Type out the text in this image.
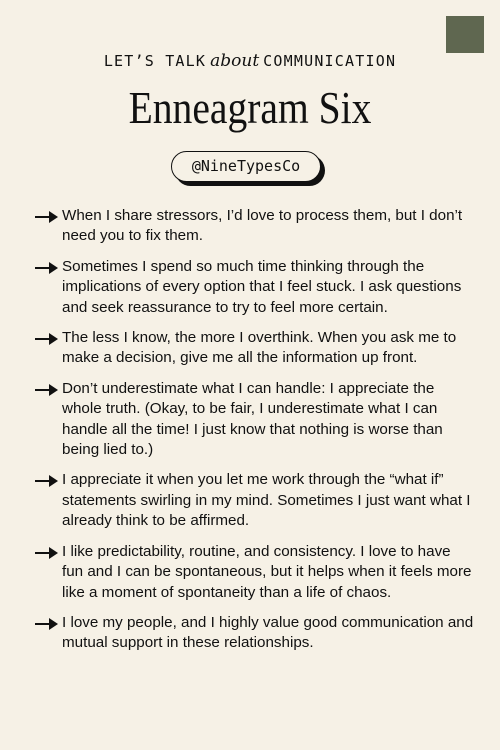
LET’S TALK about COMMUNICATION
Enneagram Six
@NineTypesCo
When I share stressors, I’d love to process them, but I don’t need you to fix them.
Sometimes I spend so much time thinking through the implications of every option that I feel stuck. I ask questions and seek reassurance to try to feel more certain.
The less I know, the more I overthink. When you ask me to make a decision, give me all the information up front.
Don’t underestimate what I can handle: I appreciate the whole truth. (Okay, to be fair, I underestimate what I can handle all the time! I just know that nothing is worse than being lied to.)
I appreciate it when you let me work through the “what if” statements swirling in my mind. Sometimes I just want what I already think to be affirmed.
I like predictability, routine, and consistency. I love to have fun and I can be spontaneous, but it helps when it feels more like a moment of spontaneity than a life of chaos.
I love my people, and I highly value good communication and mutual support in these relationships.
